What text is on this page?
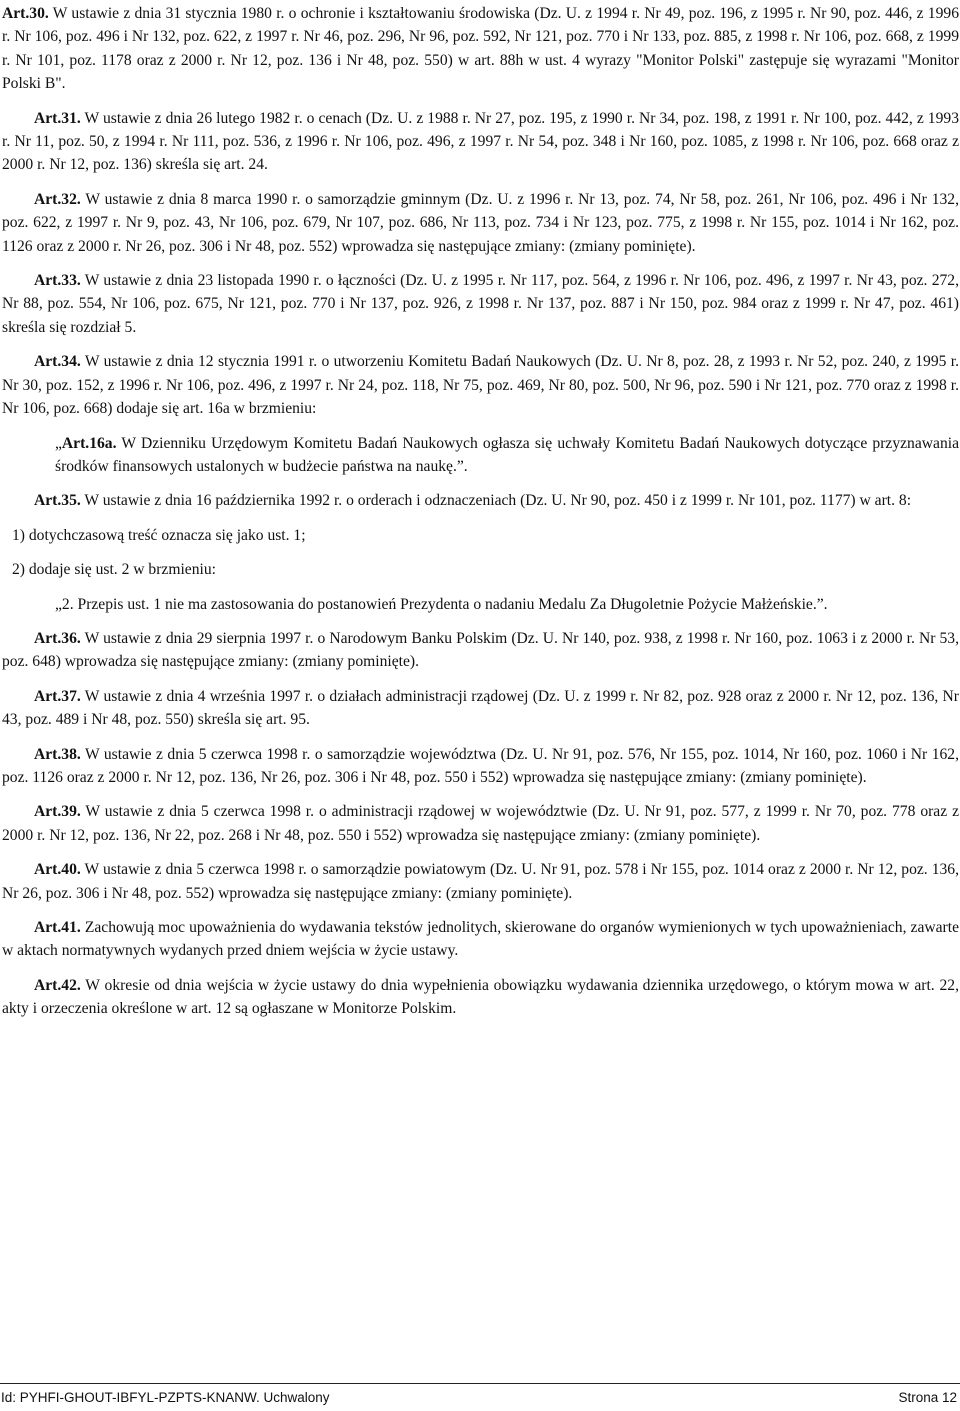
Art.30. W ustawie z dnia 31 stycznia 1980 r. o ochronie i kształtowaniu środowiska (Dz. U. z 1994 r. Nr 49, poz. 196, z 1995 r. Nr 90, poz. 446, z 1996 r. Nr 106, poz. 496 i Nr 132, poz. 622, z 1997 r. Nr 46, poz. 296, Nr 96, poz. 592, Nr 121, poz. 770 i Nr 133, poz. 885, z 1998 r. Nr 106, poz. 668, z 1999 r. Nr 101, poz. 1178 oraz z 2000 r. Nr 12, poz. 136 i Nr 48, poz. 550) w art. 88h w ust. 4 wyrazy "Monitor Polski" zastępuje się wyrazami "Monitor Polski B".

Art.31. W ustawie z dnia 26 lutego 1982 r. o cenach (Dz. U. z 1988 r. Nr 27, poz. 195, z 1990 r. Nr 34, poz. 198, z 1991 r. Nr 100, poz. 442, z 1993 r. Nr 11, poz. 50, z 1994 r. Nr 111, poz. 536, z 1996 r. Nr 106, poz. 496, z 1997 r. Nr 54, poz. 348 i Nr 160, poz. 1085, z 1998 r. Nr 106, poz. 668 oraz z 2000 r. Nr 12, poz. 136) skreśla się art. 24.

Art.32. W ustawie z dnia 8 marca 1990 r. o samorządzie gminnym (Dz. U. z 1996 r. Nr 13, poz. 74, Nr 58, poz. 261, Nr 106, poz. 496 i Nr 132, poz. 622, z 1997 r. Nr 9, poz. 43, Nr 106, poz. 679, Nr 107, poz. 686, Nr 113, poz. 734 i Nr 123, poz. 775, z 1998 r. Nr 155, poz. 1014 i Nr 162, poz. 1126 oraz z 2000 r. Nr 26, poz. 306 i Nr 48, poz. 552) wprowadza się następujące zmiany: (zmiany pominięte).

Art.33. W ustawie z dnia 23 listopada 1990 r. o łączności (Dz. U. z 1995 r. Nr 117, poz. 564, z 1996 r. Nr 106, poz. 496, z 1997 r. Nr 43, poz. 272, Nr 88, poz. 554, Nr 106, poz. 675, Nr 121, poz. 770 i Nr 137, poz. 926, z 1998 r. Nr 137, poz. 887 i Nr 150, poz. 984 oraz z 1999 r. Nr 47, poz. 461) skreśla się rozdział 5.

Art.34. W ustawie z dnia 12 stycznia 1991 r. o utworzeniu Komitetu Badań Naukowych (Dz. U. Nr 8, poz. 28, z 1993 r. Nr 52, poz. 240, z 1995 r. Nr 30, poz. 152, z 1996 r. Nr 106, poz. 496, z 1997 r. Nr 24, poz. 118, Nr 75, poz. 469, Nr 80, poz. 500, Nr 96, poz. 590 i Nr 121, poz. 770 oraz z 1998 r. Nr 106, poz. 668) dodaje się art. 16a w brzmieniu:

„Art.16a. W Dzienniku Urzędowym Komitetu Badań Naukowych ogłasza się uchwały Komitetu Badań Naukowych dotyczące przyznawania środków finansowych ustalonych w budżecie państwa na naukę.”.

Art.35. W ustawie z dnia 16 października 1992 r. o orderach i odznaczeniach (Dz. U. Nr 90, poz. 450 i z 1999 r. Nr 101, poz. 1177) w art. 8:

1) dotychczasową treść oznacza się jako ust. 1;

2) dodaje się ust. 2 w brzmieniu:

„2. Przepis ust. 1 nie ma zastosowania do postanowień Prezydenta o nadaniu Medalu Za Długoletnie Pożycie Małżeńskie.”.

Art.36. W ustawie z dnia 29 sierpnia 1997 r. o Narodowym Banku Polskim (Dz. U. Nr 140, poz. 938, z 1998 r. Nr 160, poz. 1063 i z 2000 r. Nr 53, poz. 648) wprowadza się następujące zmiany: (zmiany pominięte).

Art.37. W ustawie z dnia 4 września 1997 r. o działach administracji rządowej (Dz. U. z 1999 r. Nr 82, poz. 928 oraz z 2000 r. Nr 12, poz. 136, Nr 43, poz. 489 i Nr 48, poz. 550) skreśla się art. 95.

Art.38. W ustawie z dnia 5 czerwca 1998 r. o samorządzie województwa (Dz. U. Nr 91, poz. 576, Nr 155, poz. 1014, Nr 160, poz. 1060 i Nr 162, poz. 1126 oraz z 2000 r. Nr 12, poz. 136, Nr 26, poz. 306 i Nr 48, poz. 550 i 552) wprowadza się następujące zmiany: (zmiany pominięte).

Art.39. W ustawie z dnia 5 czerwca 1998 r. o administracji rządowej w województwie (Dz. U. Nr 91, poz. 577, z 1999 r. Nr 70, poz. 778 oraz z 2000 r. Nr 12, poz. 136, Nr 22, poz. 268 i Nr 48, poz. 550 i 552) wprowadza się następujące zmiany: (zmiany pominięte).

Art.40. W ustawie z dnia 5 czerwca 1998 r. o samorządzie powiatowym (Dz. U. Nr 91, poz. 578 i Nr 155, poz. 1014 oraz z 2000 r. Nr 12, poz. 136, Nr 26, poz. 306 i Nr 48, poz. 552) wprowadza się następujące zmiany: (zmiany pominięte).

Art.41. Zachowują moc upoważnienia do wydawania tekstów jednolitych, skierowane do organów wymienionych w tych upoważnieniach, zawarte w aktach normatywnych wydanych przed dniem wejścia w życie ustawy.

Art.42. W okresie od dnia wejścia w życie ustawy do dnia wypełnienia obowiązku wydawania dziennika urzędowego, o którym mowa w art. 22, akty i orzeczenia określone w art. 12 są ogłaszane w Monitorze Polskim.

Id: PYHFI-GHOUT-IBFYL-PZPTS-KNANW. Uchwalony	Strona 12
